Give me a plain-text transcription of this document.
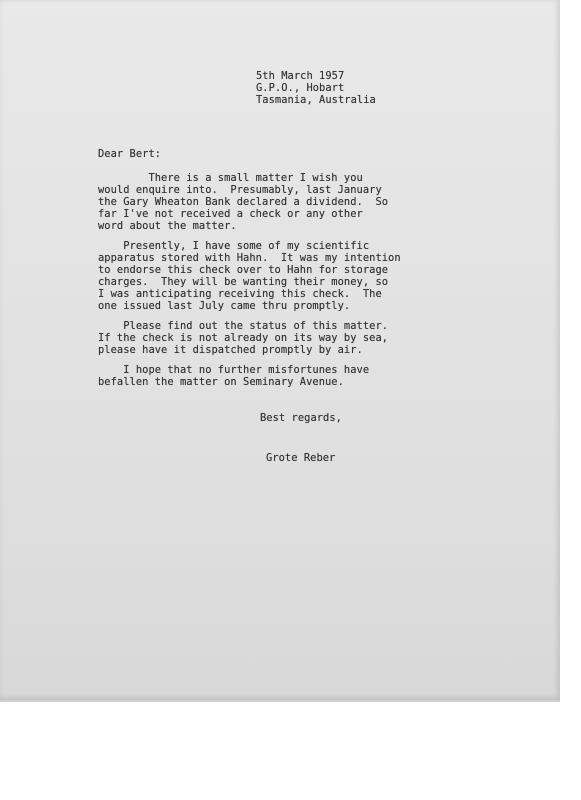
5th March 1957
G.P.O., Hobart
Tasmania, Australia
Dear Bert:
There is a small matter I wish you
would enquire into.  Presumably, last January
the Gary Wheaton Bank declared a dividend.  So
far I've not received a check or any other
word about the matter.
Presently, I have some of my scientific
apparatus stored with Hahn.  It was my intention
to endorse this check over to Hahn for storage
charges.  They will be wanting their money, so
I was anticipating receiving this check.  The
one issued last July came thru promptly.
Please find out the status of this matter.
If the check is not already on its way by sea,
please have it dispatched promptly by air.
I hope that no further misfortunes have
befallen the matter on Seminary Avenue.
Best regards,
Grote Reber
